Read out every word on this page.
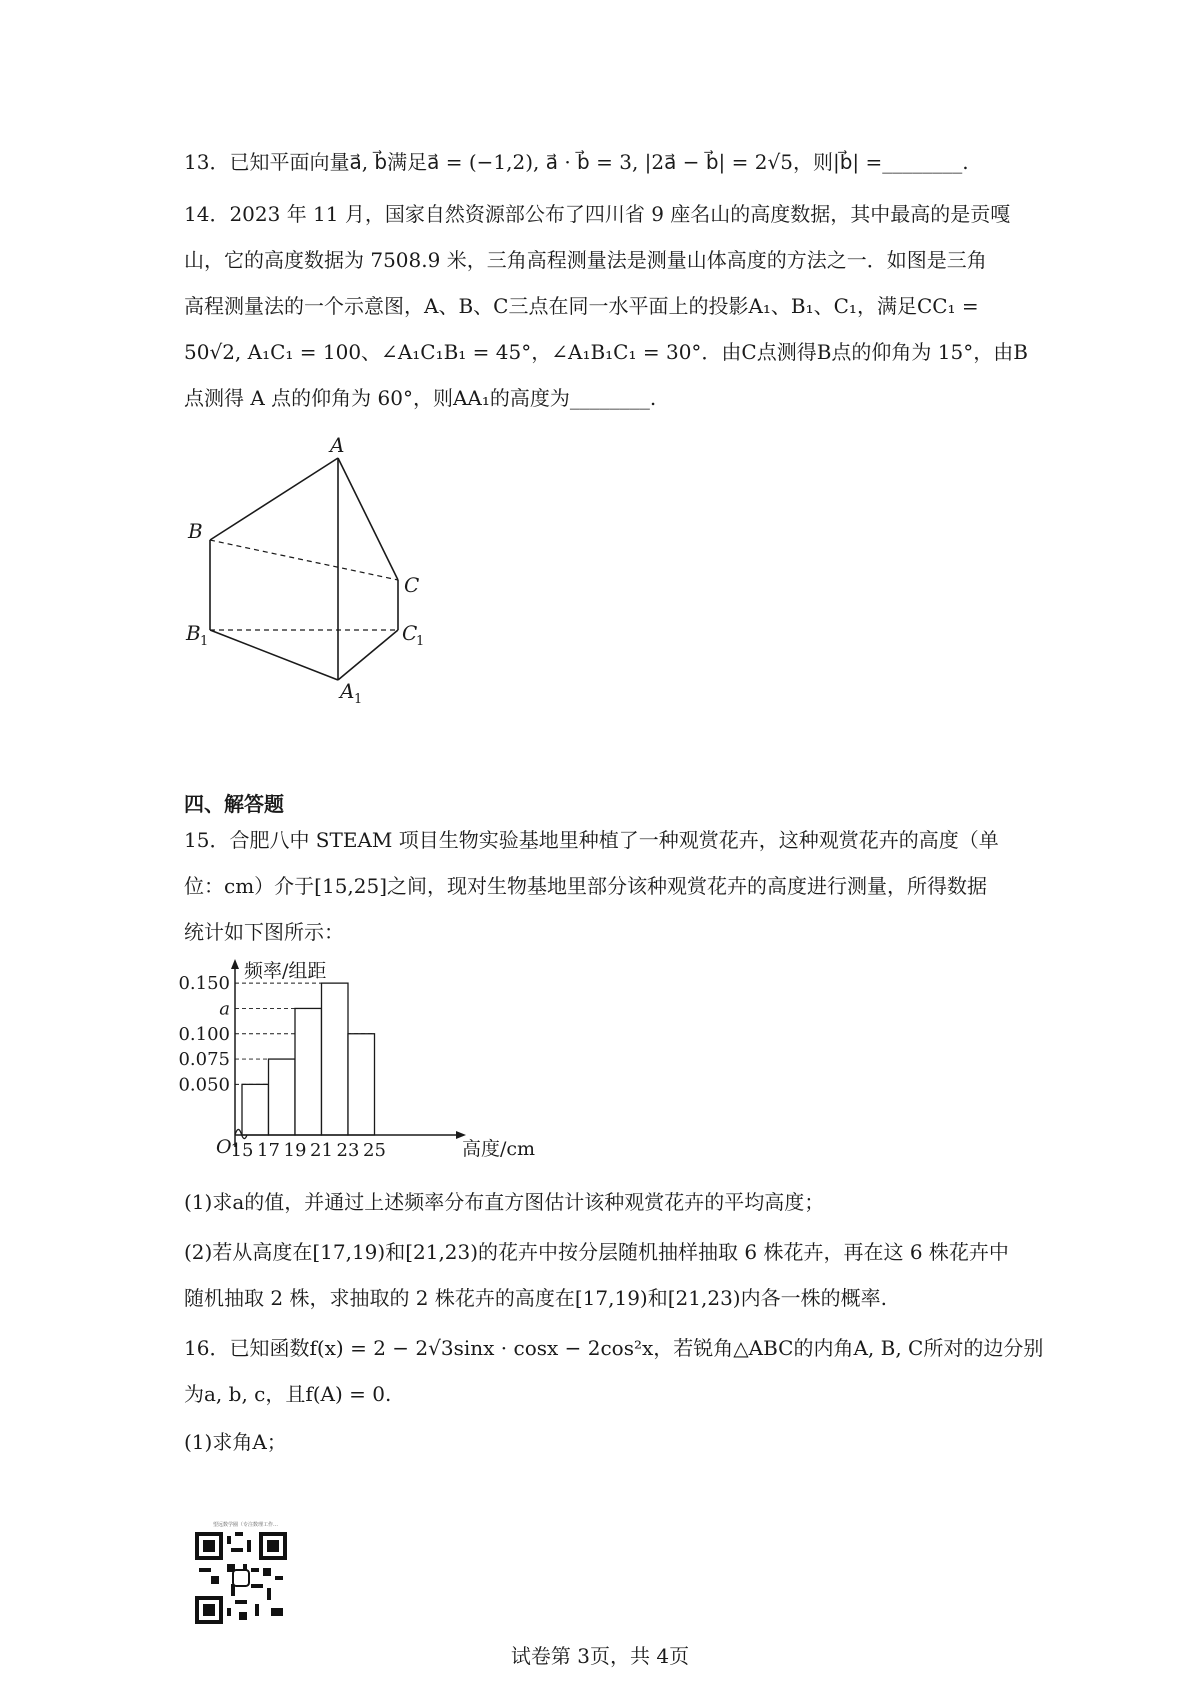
13．已知平面向量a⃗, b⃗满足a⃗ = (−1,2), a⃗ · b⃗ = 3, |2a⃗ − b⃗| = 2√5，则|b⃗| =________.
14．2023 年 11 月，国家自然资源部公布了四川省 9 座名山的高度数据，其中最高的是贡嘎
山，它的高度数据为 7508.9 米，三角高程测量法是测量山体高度的方法之一．如图是三角
高程测量法的一个示意图，A、B、C三点在同一水平面上的投影A₁、B₁、C₁，满足CC₁ =
50√2, A₁C₁ = 100、∠A₁C₁B₁ = 45°，∠A₁B₁C₁ = 30°．由C点测得B点的仰角为 15°，由B
点测得 A 点的仰角为 60°，则AA₁的高度为________.
A
B
C
B	C
A
1	1
1
四、解答题
15．合肥八中 STEAM 项目生物实验基地里种植了一种观赏花卉，这种观赏花卉的高度（单
位：cm）介于[15,25]之间，现对生物基地里部分该种观赏花卉的高度进行测量，所得数据
统计如下图所示：
频率/组距
高度/cm
O
0.050
0.075
0.100
a
0.150
15 17 19 21 23 25
(1)求a的值，并通过上述频率分布直方图估计该种观赏花卉的平均高度；
(2)若从高度在[17,19)和[21,23)的花卉中按分层随机抽样抽取 6 株花卉，再在这 6 株花卉中
随机抽取 2 株，求抽取的 2 株花卉的高度在[17,19)和[21,23)内各一株的概率.
16．已知函数f(x) = 2 − 2√3sinx · cosx − 2cos²x，若锐角△ABC的内角A, B, C所对的边分别
为a, b, c，且f(A) = 0.
(1)求角A；
望远数学圈（专注数理工作…
试卷第 3页，共 4页
